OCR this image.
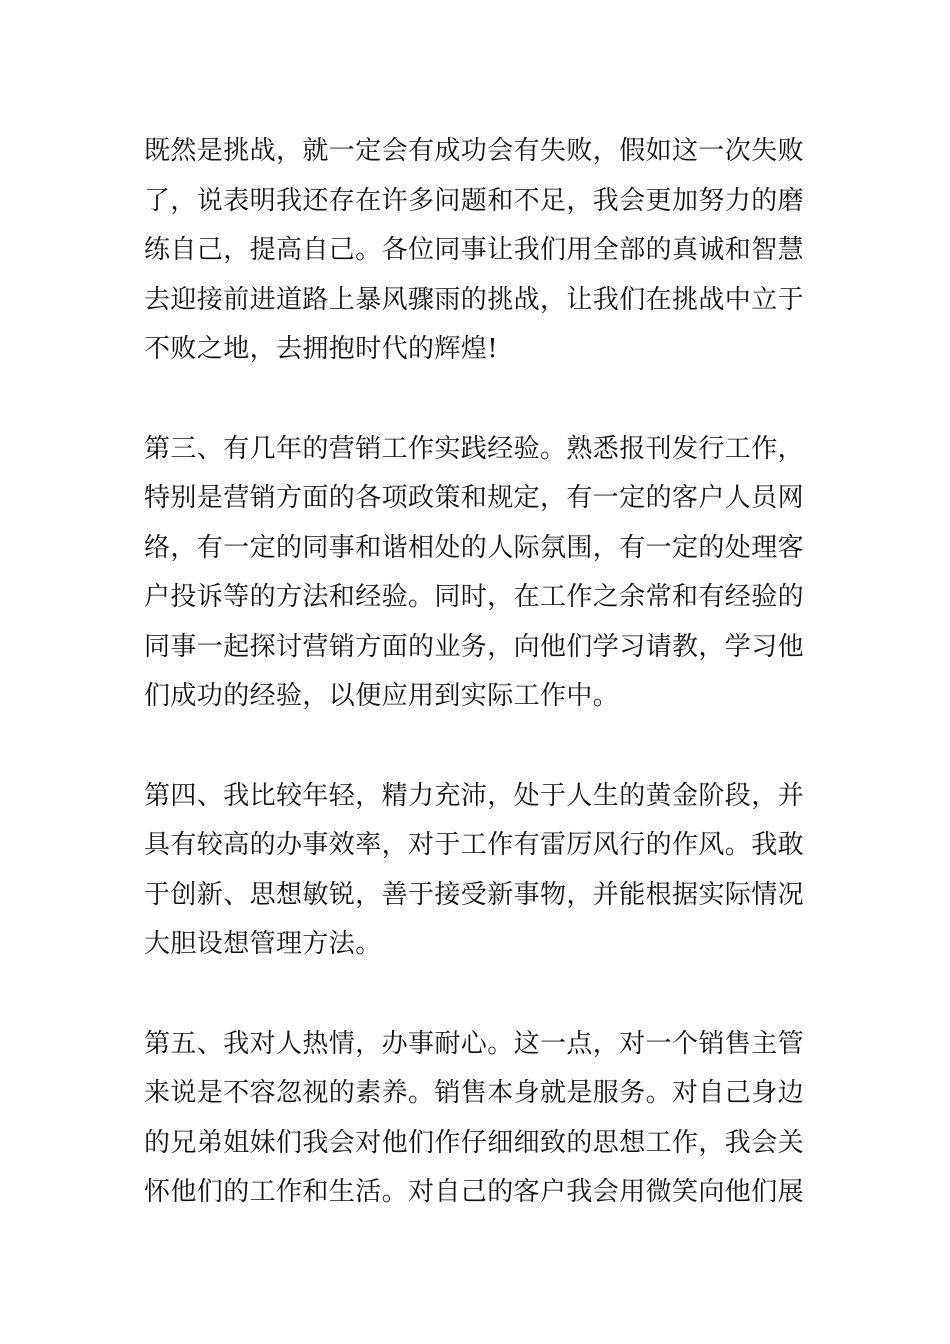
既然是挑战，就一定会有成功会有失败，假如这一次失败
了，说表明我还存在许多问题和不足，我会更加努力的磨
练自己，提高自己。各位同事让我们用全部的真诚和智慧
去迎接前进道路上暴风骤雨的挑战，让我们在挑战中立于
不败之地，去拥抱时代的辉煌!
第三、有几年的营销工作实践经验。熟悉报刊发行工作，
特别是营销方面的各项政策和规定，有一定的客户人员网
络，有一定的同事和谐相处的人际氛围，有一定的处理客
户投诉等的方法和经验。同时，在工作之余常和有经验的
同事一起探讨营销方面的业务，向他们学习请教，学习他
们成功的经验，以便应用到实际工作中。
第四、我比较年轻，精力充沛，处于人生的黄金阶段，并
具有较高的办事效率，对于工作有雷厉风行的作风。我敢
于创新、思想敏锐，善于接受新事物，并能根据实际情况
大胆设想管理方法。
第五、我对人热情，办事耐心。这一点，对一个销售主管
来说是不容忽视的素养。销售本身就是服务。对自己身边
的兄弟姐妹们我会对他们作仔细细致的思想工作，我会关
怀他们的工作和生活。对自己的客户我会用微笑向他们展
